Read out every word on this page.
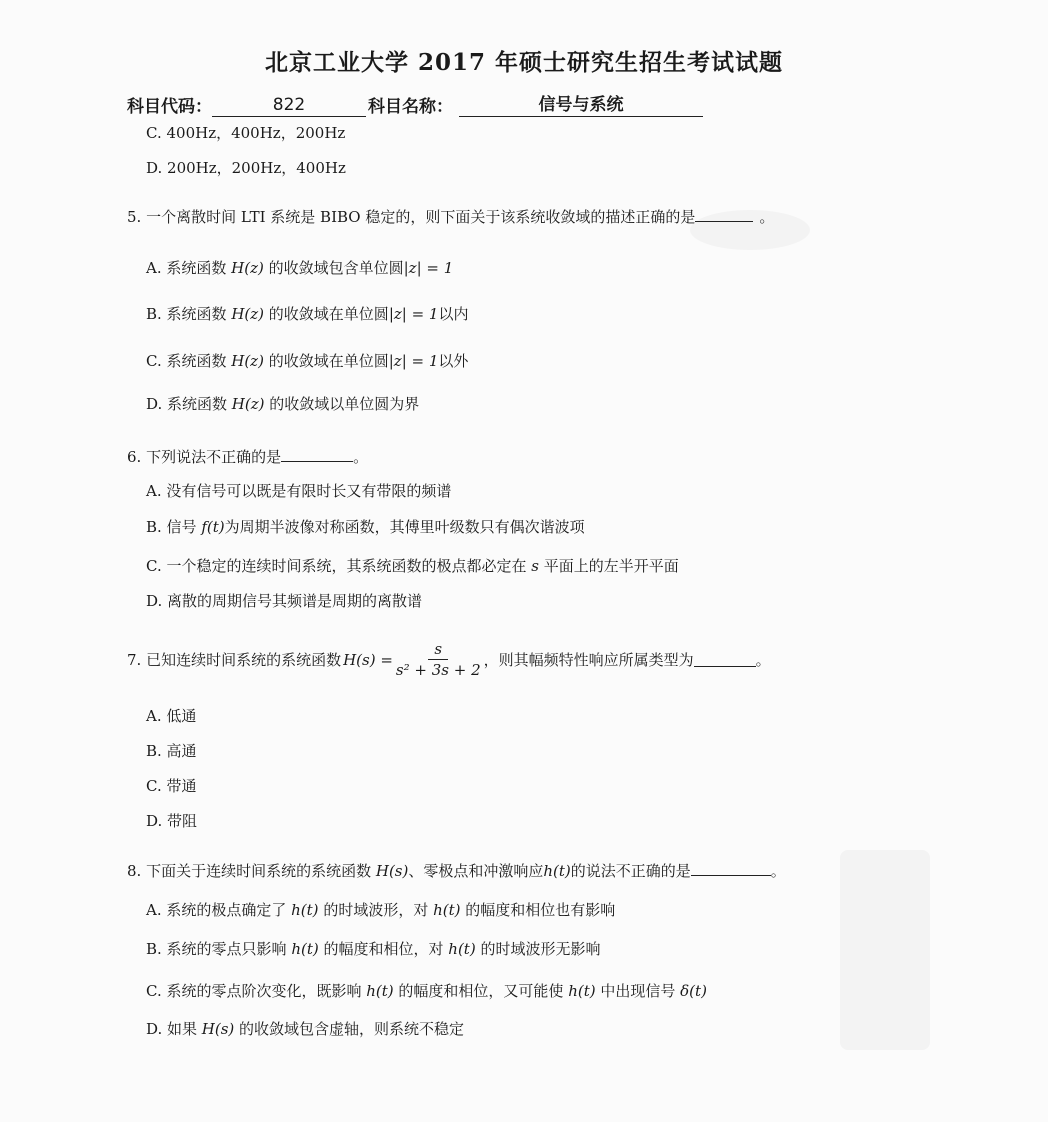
北京工业大学 2017 年硕士研究生招生考试试题
科目代码：	822	科目名称：	信号与系统
C. 400Hz，400Hz，200Hz
D. 200Hz，200Hz，400Hz
5. 一个离散时间 LTI 系统是 BIBO 稳定的，则下面关于该系统收敛域的描述正确的是	。
A. 系统函数 H(z) 的收敛域包含单位圆|z| = 1
B. 系统函数 H(z) 的收敛域在单位圆|z| = 1以内
C. 系统函数 H(z) 的收敛域在单位圆|z| = 1以外
D. 系统函数 H(z) 的收敛域以单位圆为界
6. 下列说法不正确的是	。
A. 没有信号可以既是有限时长又有带限的频谱
B. 信号 f(t)为周期半波像对称函数，其傅里叶级数只有偶次谐波项
C. 一个稳定的连续时间系统，其系统函数的极点都必定在 s 平面上的左半开平面
D. 离散的周期信号其频谱是周期的离散谱
7. 已知连续时间系统的系统函数 $H(s) = \frac{s}{\text{s² + 3s + 2}}$ ，则其幅频特性响应所属类型为	。
A. 低通
B. 高通
C. 带通
D. 带阻
8. 下面关于连续时间系统的系统函数 H(s)、零极点和冲激响应h(t)的说法不正确的是	。
A. 系统的极点确定了 h(t) 的时域波形，对 h(t) 的幅度和相位也有影响
B. 系统的零点只影响 h(t) 的幅度和相位，对 h(t) 的时域波形无影响
C. 系统的零点阶次变化，既影响 h(t) 的幅度和相位，又可能使 h(t) 中出现信号 δ(t)
D. 如果 H(s) 的收敛域包含虚轴，则系统不稳定
